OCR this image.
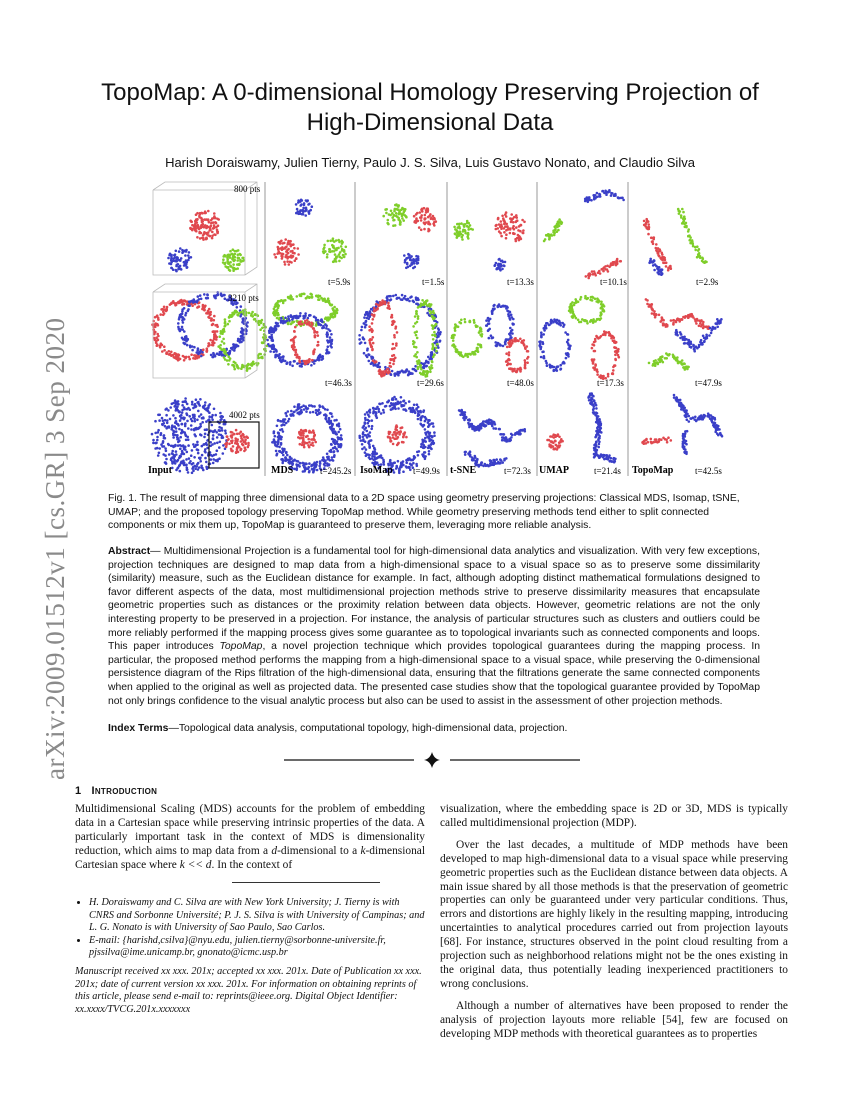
arXiv:2009.01512v1 [cs.GR] 3 Sep 2020
TopoMap: A 0-dimensional Homology Preserving Projection of
High-Dimensional Data
Harish Doraiswamy, Julien Tierny, Paulo J. S. Silva, Luis Gustavo Nonato, and Claudio Silva
800 pts
3210 pts
4002 pts
t=5.9s	t=1.5s	t=13.3s	t=10.1s	t=2.9s
t=46.3s	t=29.6s	t=48.0s	t=17.3s	t=47.9s
t=245.2s	t=49.9s	t=72.3s	t=21.4s	t=42.5s
Input	MDS	IsoMap	t-SNE	UMAP	TopoMap
Fig. 1. The result of mapping three dimensional data to a 2D space using geometry preserving projections: Classical MDS, Isomap, tSNE, UMAP; and the proposed topology preserving TopoMap method. While geometry preserving methods tend either to split connected components or mix them up, TopoMap is guaranteed to preserve them, leveraging more reliable analysis.
Abstract— Multidimensional Projection is a fundamental tool for high-dimensional data analytics and visualization. With very few exceptions, projection techniques are designed to map data from a high-dimensional space to a visual space so as to preserve some dissimilarity (similarity) measure, such as the Euclidean distance for example. In fact, although adopting distinct mathematical formulations designed to favor different aspects of the data, most multidimensional projection methods strive to preserve dissimilarity measures that encapsulate geometric properties such as distances or the proximity relation between data objects. However, geometric relations are not the only interesting property to be preserved in a projection. For instance, the analysis of particular structures such as clusters and outliers could be more reliably performed if the mapping process gives some guarantee as to topological invariants such as connected components and loops. This paper introduces TopoMap, a novel projection technique which provides topological guarantees during the mapping process. In particular, the proposed method performs the mapping from a high-dimensional space to a visual space, while preserving the 0-dimensional persistence diagram of the Rips filtration of the high-dimensional data, ensuring that the filtrations generate the same connected components when applied to the original as well as projected data. The presented case studies show that the topological guarantee provided by TopoMap not only brings confidence to the visual analytic process but also can be used to assist in the assessment of other projection methods.
Index Terms—Topological data analysis, computational topology, high-dimensional data, projection.
1 Introduction

Multidimensional Scaling (MDS) accounts for the problem of embedding data in a Cartesian space while preserving intrinsic properties of the data. A particularly important task in the context of MDS is dimensionality reduction, which aims to map data from a d-dimensional to a k-dimensional Cartesian space where k << d. In the context of

• H. Doraiswamy and C. Silva are with New York University; J. Tierny is with CNRS and Sorbonne Université; P. J. S. Silva is with University of Campinas; and L. G. Nonato is with University of Sao Paulo, Sao Carlos.
• E-mail: {harishd,csilva}@nyu.edu, julien.tierny@sorbonne-universite.fr, pjssilva@ime.unicamp.br, gnonato@icmc.usp.br
Manuscript received xx xxx. 201x; accepted xx xxx. 201x. Date of Publication xx xxx. 201x; date of current version xx xxx. 201x. For information on obtaining reprints of this article, please send e-mail to: reprints@ieee.org. Digital Object Identifier: xx.xxxx/TVCG.201x.xxxxxxx

visualization, where the embedding space is 2D or 3D, MDS is typically called multidimensional projection (MDP).

Over the last decades, a multitude of MDP methods have been developed to map high-dimensional data to a visual space while preserving geometric properties such as the Euclidean distance between data objects. A main issue shared by all those methods is that the preservation of geometric properties can only be guaranteed under very particular conditions. Thus, errors and distortions are highly likely in the resulting mapping, introducing uncertainties to analytical procedures carried out from projection layouts [68]. For instance, structures observed in the point cloud resulting from a projection such as neighborhood relations might not be the ones existing in the original data, thus potentially leading inexperienced practitioners to wrong conclusions.

Although a number of alternatives have been proposed to render the analysis of projection layouts more reliable [54], few are focused on developing MDP methods with theoretical guarantees as to properties
